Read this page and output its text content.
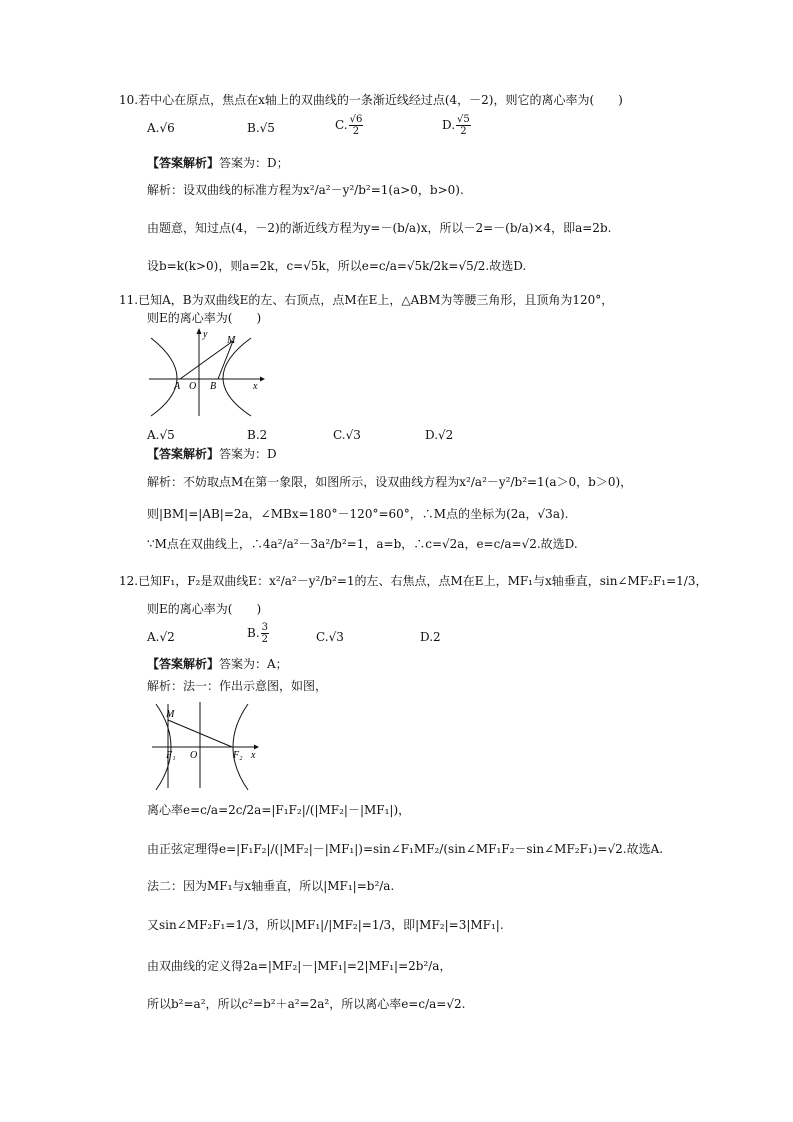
10.若中心在原点，焦点在x轴上的双曲线的一条渐近线经过点(4，－2)，则它的离心率为(　　)
A.√6	B.√5	C. $\frac{√6}{2}$	D. $\frac{√5}{2}$
【答案解析】答案为：D；
解析：设双曲线的标准方程为x²/a²－y²/b²=1(a>0，b>0).
由题意，知过点(4，－2)的渐近线方程为y=－(b/a)x，所以－2=－(b/a)×4，即a=2b.
设b=k(k>0)，则a=2k，c=√5k，所以e=c/a=√5k/2k=√5/2.故选D.
11.已知A，B为双曲线E的左、右顶点，点M在E上，△ABM为等腰三角形，且顶角为120°，
则E的离心率为(　　)
y
M
A O B	x
A.√5	B.2	C.√3	D.√2
【答案解析】答案为：D
解析：不妨取点M在第一象限，如图所示，设双曲线方程为x²/a²－y²/b²=1(a＞0，b＞0)，
则|BM|=|AB|=2a，∠MBx=180°－120°=60°，∴M点的坐标为(2a，√3a).
∵M点在双曲线上，∴4a²/a²－3a²/b²=1，a=b，∴c=√2a，e=c/a=√2.故选D.
12.已知F₁，F₂是双曲线E：x²/a²－y²/b²=1的左、右焦点，点M在E上，MF₁与x轴垂直，sin∠MF₂F₁=1/3，
则E的离心率为(　　)
A.√2	B. $\frac{3}{2}$	C.√3	D.2
【答案解析】答案为：A；
解析：法一：作出示意图，如图，
M
F₁ O	F₂ x
离心率e=c/a=2c/2a=|F₁F₂|/(|MF₂|－|MF₁|)，
由正弦定理得e=|F₁F₂|/(|MF₂|－|MF₁|)=sin∠F₁MF₂/(sin∠MF₁F₂－sin∠MF₂F₁)=√2.故选A.
法二：因为MF₁与x轴垂直，所以|MF₁|=b²/a.
又sin∠MF₂F₁=1/3，所以|MF₁|/|MF₂|=1/3，即|MF₂|=3|MF₁|.
由双曲线的定义得2a=|MF₂|－|MF₁|=2|MF₁|=2b²/a，
所以b²=a²，所以c²=b²＋a²=2a²，所以离心率e=c/a=√2.
